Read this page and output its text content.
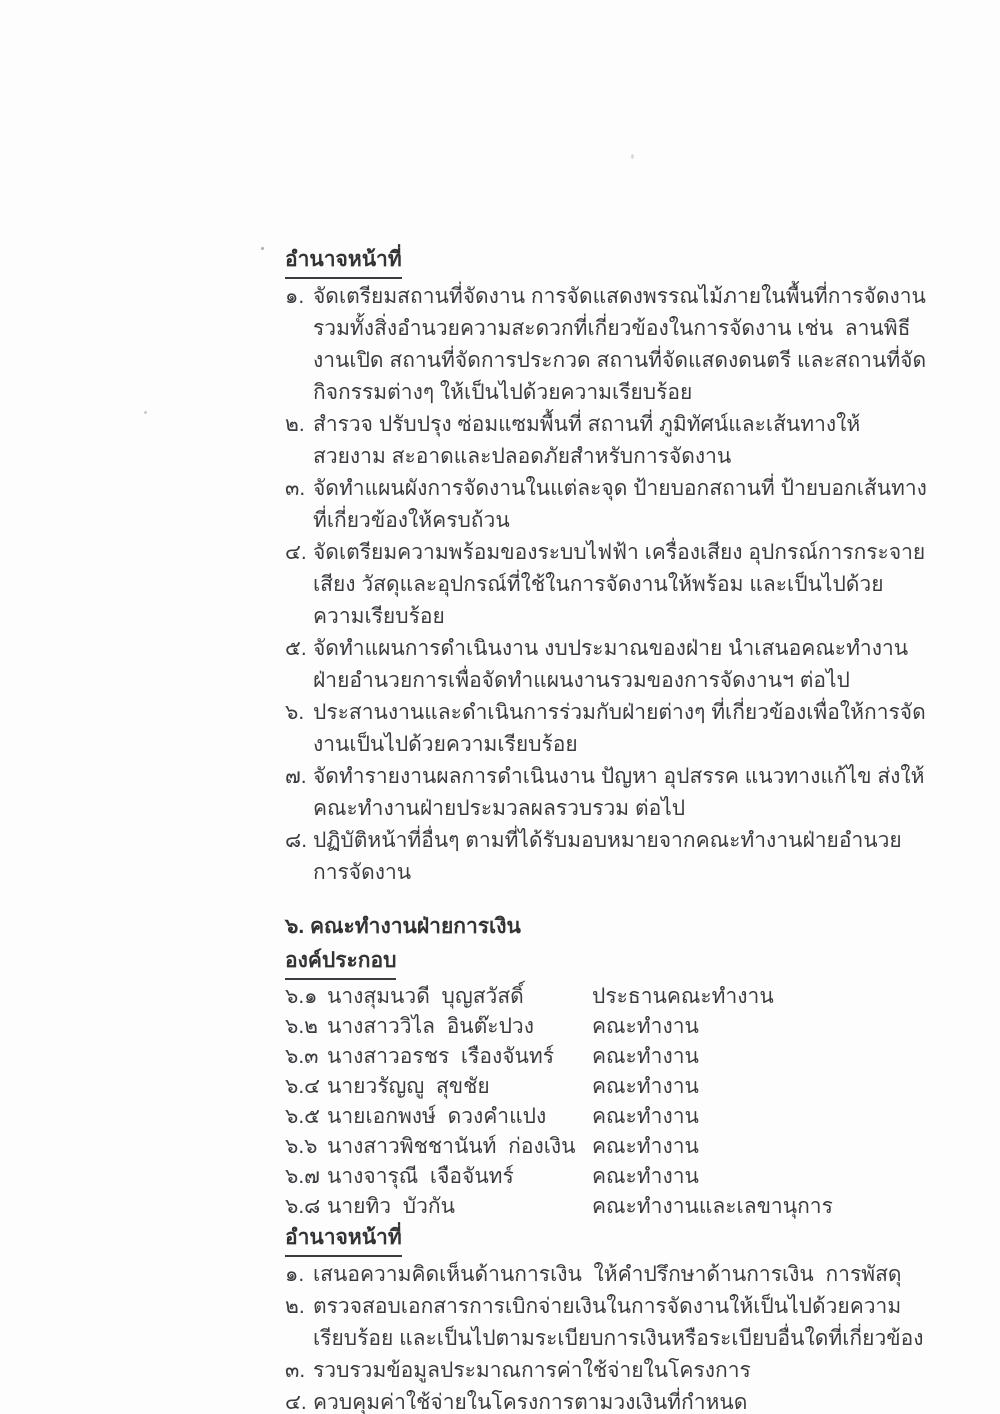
อำนาจหน้าที่
๑. จัดเตรียมสถานที่จัดงาน การจัดแสดงพรรณไม้ภายในพื้นที่การจัดงาน รวมทั้งสิ่งอำนวยความสะดวกที่เกี่ยวข้องในการจัดงาน เช่น  ลานพิธีงานเปิด สถานที่จัดการประกวด สถานที่จัดแสดงดนตรี และสถานที่จัดกิจกรรมต่างๆ ให้เป็นไปด้วยความเรียบร้อย
๒. สำรวจ ปรับปรุง ซ่อมแซมพื้นที่ สถานที่ ภูมิทัศน์และเส้นทางให้สวยงาม สะอาดและปลอดภัยสำหรับการจัดงาน
๓. จัดทำแผนผังการจัดงานในแต่ละจุด ป้ายบอกสถานที่ ป้ายบอกเส้นทางที่เกี่ยวข้องให้ครบถ้วน
๔. จัดเตรียมความพร้อมของระบบไฟฟ้า เครื่องเสียง อุปกรณ์การกระจายเสียง วัสดุและอุปกรณ์ที่ใช้ในการจัดงานให้พร้อม และเป็นไปด้วยความเรียบร้อย
๕. จัดทำแผนการดำเนินงาน งบประมาณของฝ่าย นำเสนอคณะทำงานฝ่ายอำนวยการเพื่อจัดทำแผนงานรวมของการจัดงานฯ ต่อไป
๖. ประสานงานและดำเนินการร่วมกับฝ่ายต่างๆ ที่เกี่ยวข้องเพื่อให้การจัดงานเป็นไปด้วยความเรียบร้อย
๗. จัดทำรายงานผลการดำเนินงาน ปัญหา อุปสรรค แนวทางแก้ไข ส่งให้คณะทำงานฝ่ายประมวลผลรวบรวม ต่อไป
๘. ปฏิบัติหน้าที่อื่นๆ ตามที่ได้รับมอบหมายจากคณะทำงานฝ่ายอำนวยการจัดงาน
๖. คณะทำงานฝ่ายการเงิน
องค์ประกอบ
๖.๑ นางสุมนวดี  บุญสวัสดิ์	ประธานคณะทำงาน
๖.๒ นางสาววิไล  อินต๊ะปวง	คณะทำงาน
๖.๓ นางสาวอรชร  เรืองจันทร์	คณะทำงาน
๖.๔ นายวรัญญู  สุขชัย	คณะทำงาน
๖.๕ นายเอกพงษ์  ดวงคำแปง	คณะทำงาน
๖.๖ นางสาวพิชชานันท์  ก่องเงิน คณะทำงาน
๖.๗ นางจารุณี  เจือจันทร์	คณะทำงาน
๖.๘ นายทิว  บัวกัน	คณะทำงานและเลขานุการ
อำนาจหน้าที่
๑. เสนอความคิดเห็นด้านการเงิน  ให้คำปรึกษาด้านการเงิน  การพัสดุ
๒. ตรวจสอบเอกสารการเบิกจ่ายเงินในการจัดงานให้เป็นไปด้วยความเรียบร้อย และเป็นไปตามระเบียบการเงินหรือระเบียบอื่นใดที่เกี่ยวข้อง
๓. รวบรวมข้อมูลประมาณการค่าใช้จ่ายในโครงการ
๔. ควบคุมค่าใช้จ่ายในโครงการตามวงเงินที่กำหนด
